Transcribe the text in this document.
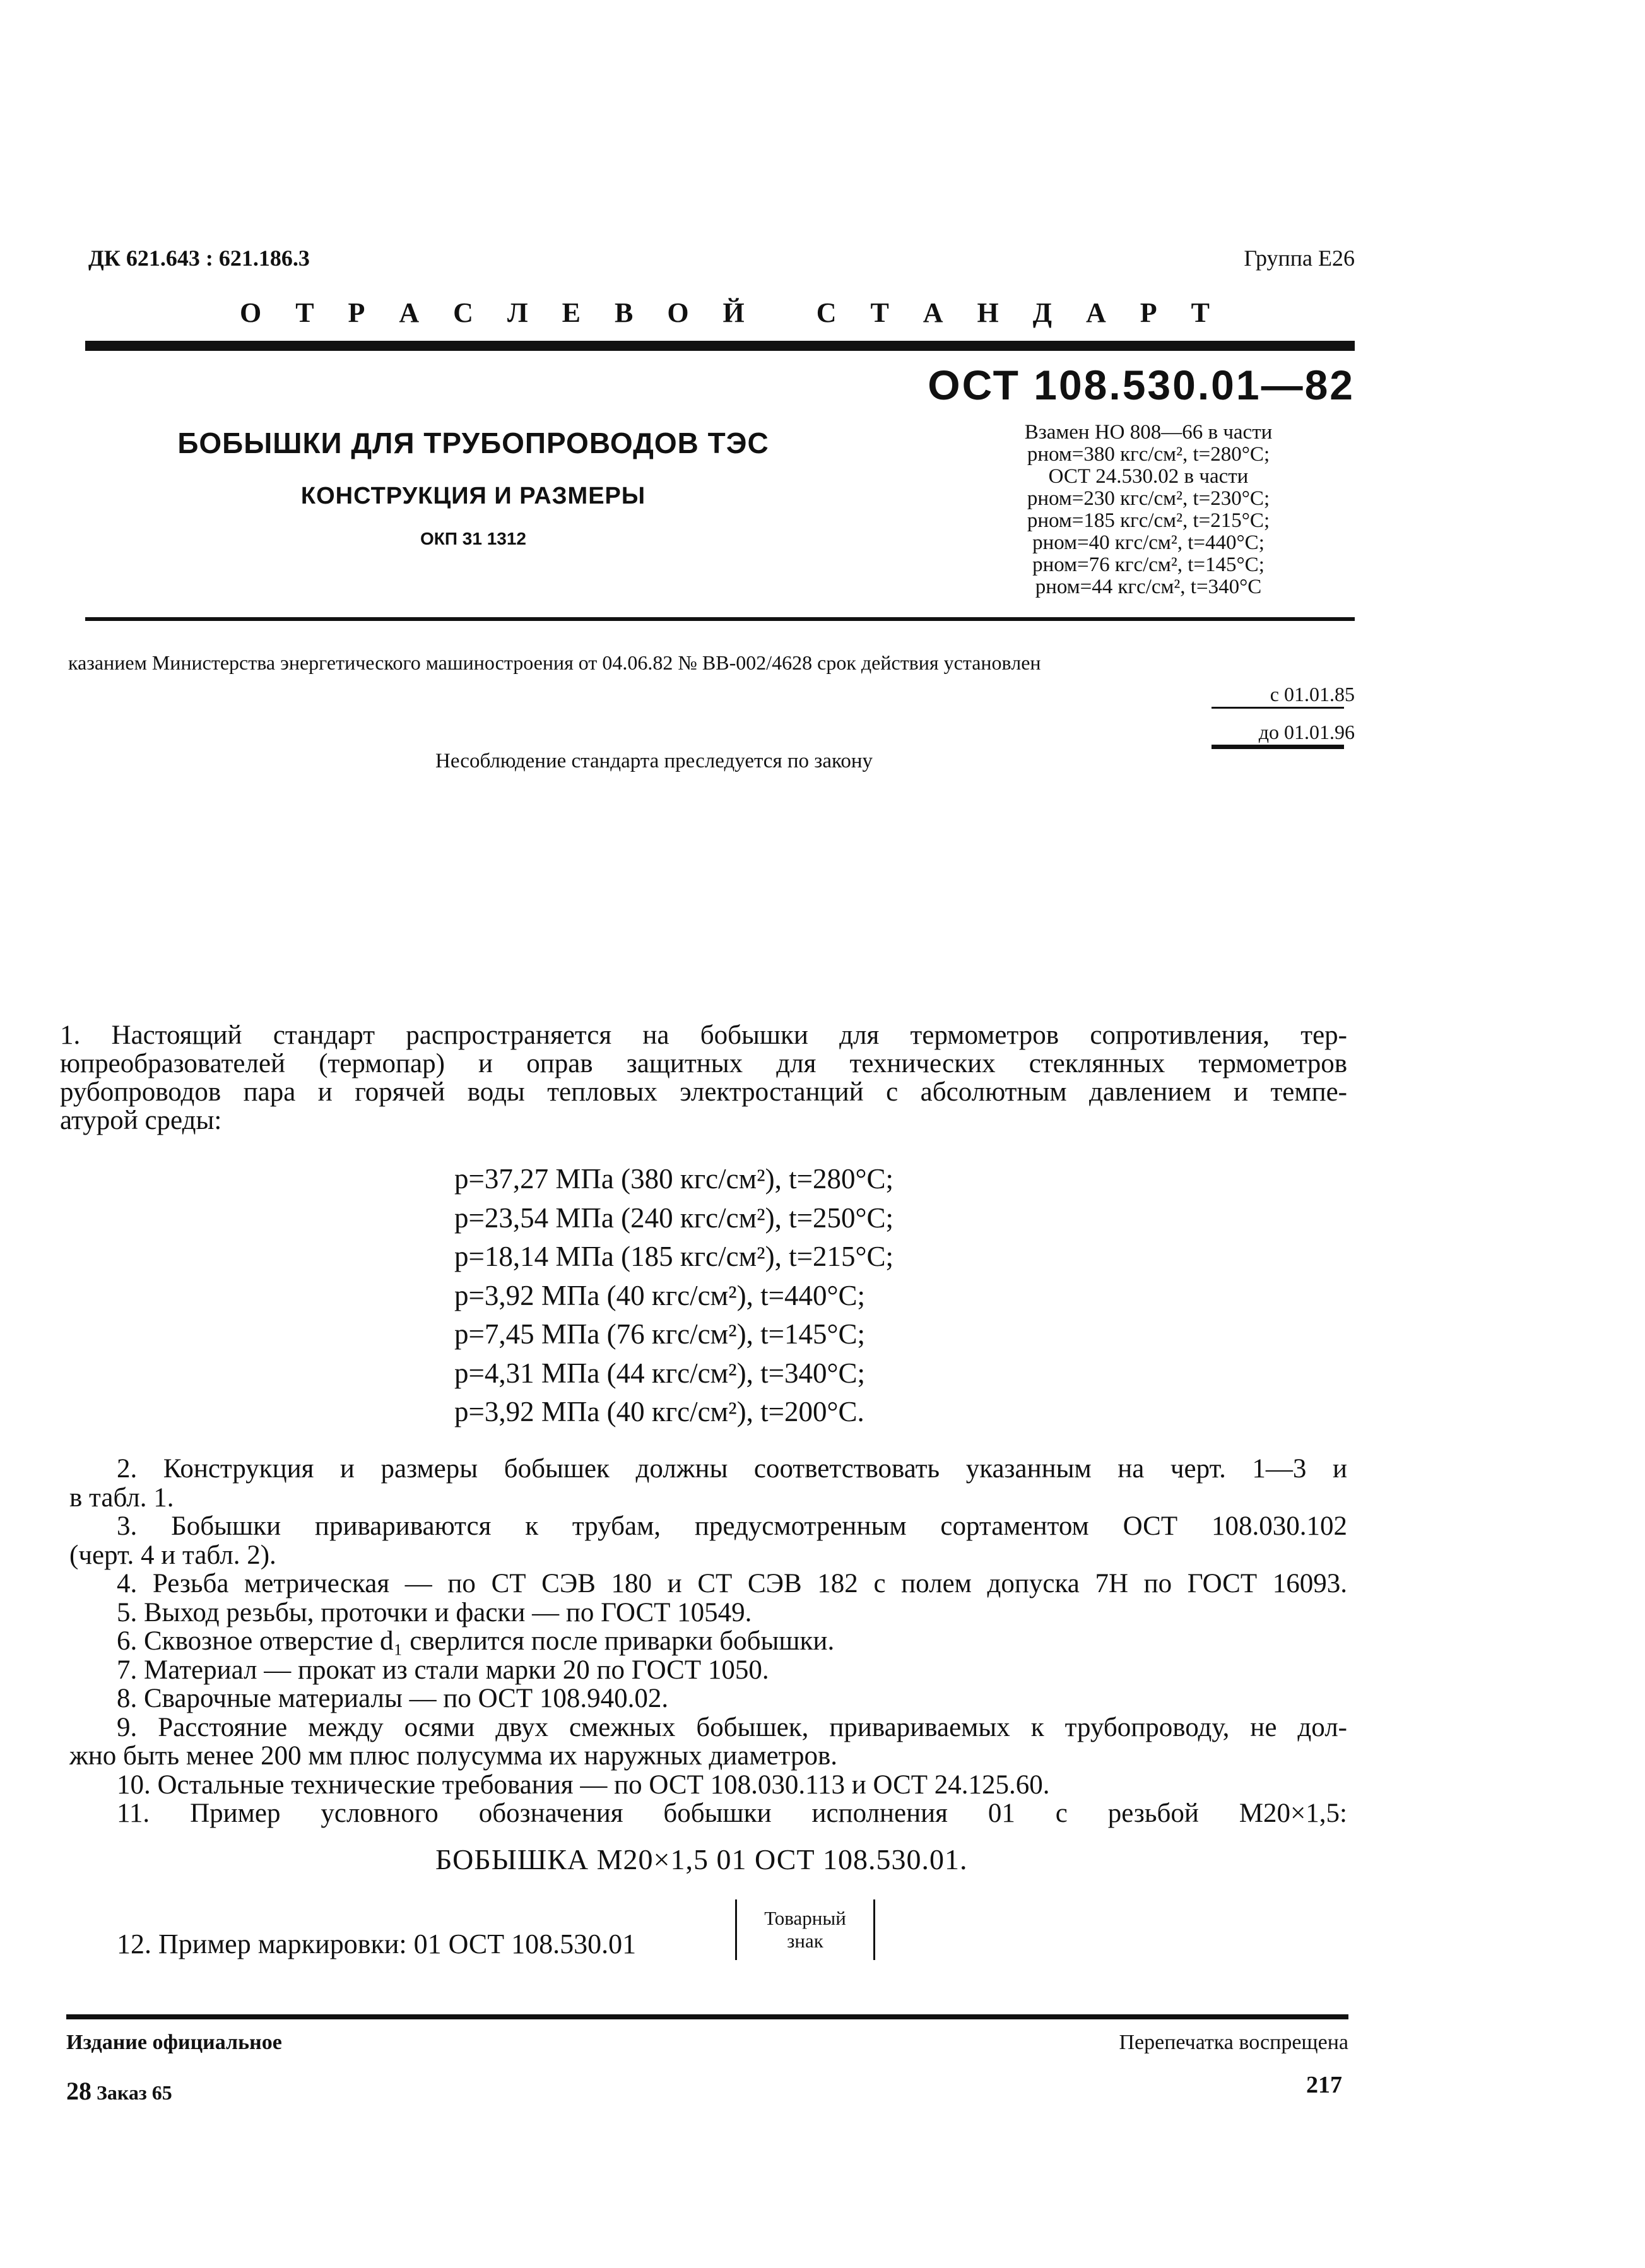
ДК 621.643 : 621.186.3	Группа Е26
О Т Р А С Л Е В О Й	С Т А Н Д А Р Т
ОСТ 108.530.01—82
БОБЫШКИ ДЛЯ ТРУБОПРОВОДОВ ТЭС
КОНСТРУКЦИЯ И РАЗМЕРЫ
ОКП 31 1312
Взамен НО 808—66 в части
pном=380 кгс/см², t=280°С;
ОСТ 24.530.02 в части
pном=230 кгс/см², t=230°С;
pном=185 кгс/см², t=215°С;
pном=40 кгс/см², t=440°С;
pном=76 кгс/см², t=145°С;
pном=44 кгс/см², t=340°С
казанием Министерства энергетического машиностроения от 04.06.82 № ВВ-002/4628 срок действия установлен
с 01.01.85
до 01.01.96
Несоблюдение стандарта преследуется по закону
1. Настоящий стандарт распространяется на бобышки для термометров сопротивления, тер-
юпреобразователей (термопар) и оправ защитных для технических стеклянных термометров
рубопроводов пара и горячей воды тепловых электростанций с абсолютным давлением и темпе-
атурой среды:
p=37,27 МПа (380 кгс/см²), t=280°С;
p=23,54 МПа (240 кгс/см²), t=250°С;
p=18,14 МПа (185 кгс/см²), t=215°С;
p=3,92 МПа (40 кгс/см²), t=440°С;
p=7,45 МПа (76 кгс/см²), t=145°С;
p=4,31 МПа (44 кгс/см²), t=340°С;
p=3,92 МПа (40 кгс/см²), t=200°С.
2. Конструкция и размеры бобышек должны соответствовать указанным на черт. 1—3 и
в табл. 1.
3. Бобышки привариваются к трубам, предусмотренным сортаментом ОСТ 108.030.102
(черт. 4 и табл. 2).
4. Резьба метрическая — по СТ СЭВ 180 и СТ СЭВ 182 с полем допуска 7Н по ГОСТ 16093.
5. Выход резьбы, проточки и фаски — по ГОСТ 10549.
6. Сквозное отверстие d₁ сверлится после приварки бобышки.
7. Материал — прокат из стали марки 20 по ГОСТ 1050.
8. Сварочные материалы — по ОСТ 108.940.02.
9. Расстояние между осями двух смежных бобышек, привариваемых к трубопроводу, не дол-
жно быть менее 200 мм плюс полусумма их наружных диаметров.
10. Остальные технические требования — по ОСТ 108.030.113 и ОСТ 24.125.60.
11. Пример условного обозначения бобышки исполнения 01 с резьбой М20×1,5:
БОБЫШКА М20×1,5 01 ОСТ 108.530.01.
12. Пример маркировки: 01 ОСТ 108.530.01
Товарный
знак
Издание официальное	Перепечатка воспрещена
28 Заказ 65	217
